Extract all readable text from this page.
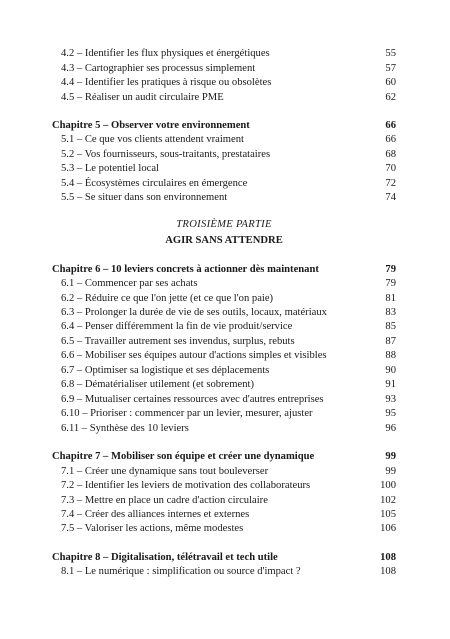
4.2 – Identifier les flux physiques et énergétiques	55
4.3 – Cartographier ses processus simplement	57
4.4 – Identifier les pratiques à risque ou obsolètes	60
4.5 – Réaliser un audit circulaire PME	62
Chapitre 5 – Observer votre environnement	66
5.1 – Ce que vos clients attendent vraiment	66
5.2 – Vos fournisseurs, sous-traitants, prestataires	68
5.3 – Le potentiel local	70
5.4 – Écosystèmes circulaires en émergence	72
5.5 – Se situer dans son environnement	74
TROISIÈME PARTIE
AGIR SANS ATTENDRE
Chapitre 6 – 10 leviers concrets à actionner dès maintenant	79
6.1 – Commencer par ses achats	79
6.2 – Réduire ce que l'on jette (et ce que l'on paie)	81
6.3 – Prolonger la durée de vie de ses outils, locaux, matériaux	83
6.4 – Penser différemment la fin de vie produit/service	85
6.5 – Travailler autrement ses invendus, surplus, rebuts	87
6.6 – Mobiliser ses équipes autour d'actions simples et visibles	88
6.7 – Optimiser sa logistique et ses déplacements	90
6.8 – Dématérialiser utilement (et sobrement)	91
6.9 – Mutualiser certaines ressources avec d'autres entreprises	93
6.10 – Prioriser : commencer par un levier, mesurer, ajuster	95
6.11 – Synthèse des 10 leviers	96
Chapitre 7 – Mobiliser son équipe et créer une dynamique	99
7.1 – Créer une dynamique sans tout bouleverser	99
7.2 – Identifier les leviers de motivation des collaborateurs	100
7.3 – Mettre en place un cadre d'action circulaire	102
7.4 – Créer des alliances internes et externes	105
7.5 – Valoriser les actions, même modestes	106
Chapitre 8 – Digitalisation, télétravail et tech utile	108
8.1 – Le numérique : simplification ou source d'impact ?	108
